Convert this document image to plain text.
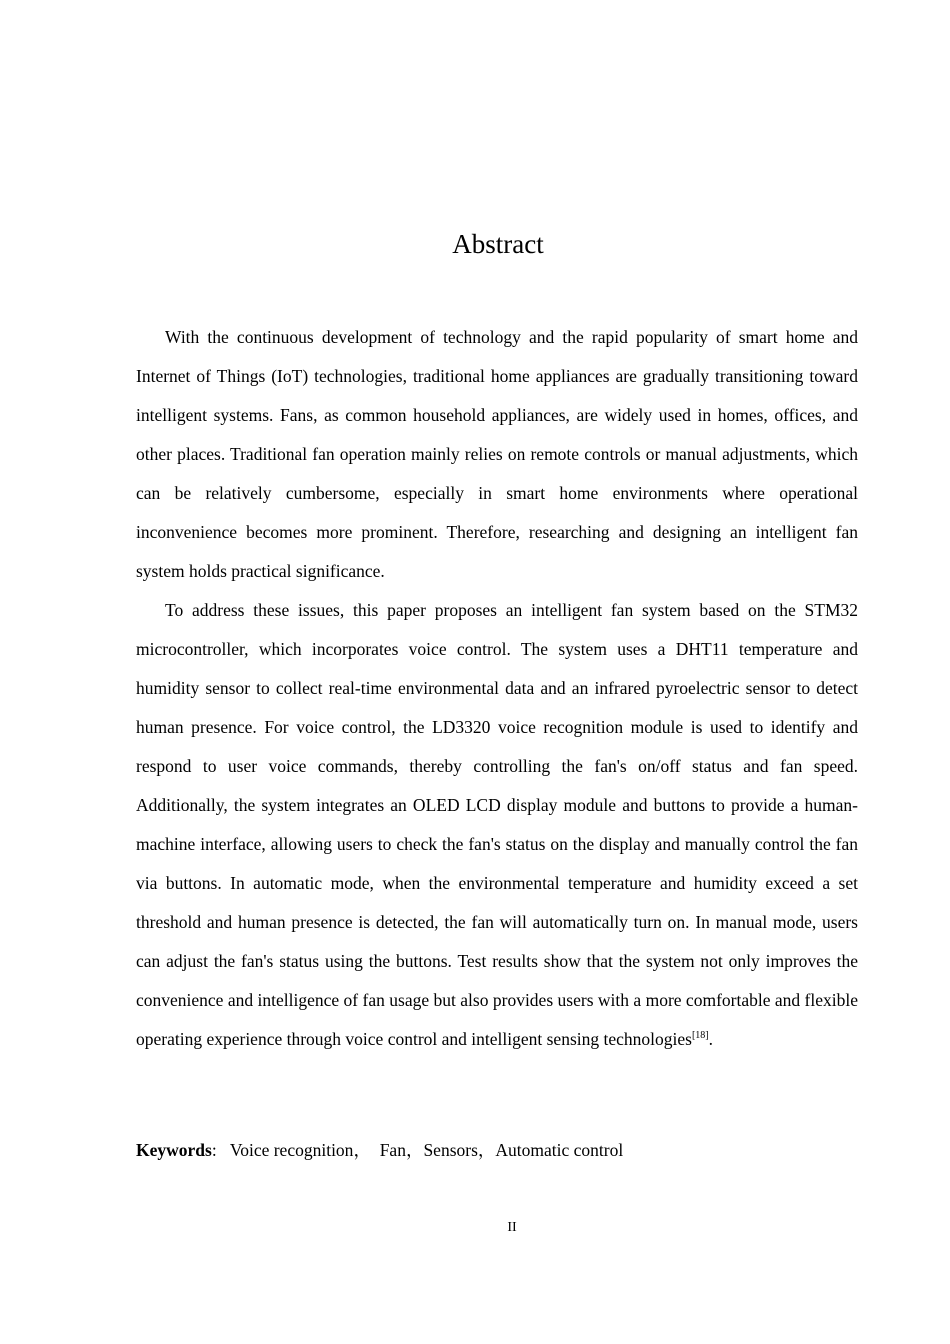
Abstract

With the continuous development of technology and the rapid popularity of smart home and Internet of Things (IoT) technologies, traditional home appliances are gradually transitioning toward intelligent systems. Fans, as common household appliances, are widely used in homes, offices, and other places. Traditional fan operation mainly relies on remote controls or manual adjustments, which can be relatively cumbersome, especially in smart home environments where operational inconvenience becomes more prominent. Therefore, researching and designing an intelligent fan system holds practical significance.

To address these issues, this paper proposes an intelligent fan system based on the STM32 microcontroller, which incorporates voice control. The system uses a DHT11 temperature and humidity sensor to collect real-time environmental data and an infrared pyroelectric sensor to detect human presence. For voice control, the LD3320 voice recognition module is used to identify and respond to user voice commands, thereby controlling the fan's on/off status and fan speed. Additionally, the system integrates an OLED LCD display module and buttons to provide a human-machine interface, allowing users to check the fan's status on the display and manually control the fan via buttons. In automatic mode, when the environmental temperature and humidity exceed a set threshold and human presence is detected, the fan will automatically turn on. In manual mode, users can adjust the fan's status using the buttons. Test results show that the system not only improves the convenience and intelligence of fan usage but also provides users with a more comfortable and flexible operating experience through voice control and intelligent sensing technologies[18].

Keywords: Voice recognition，  Fan，Sensors，Automatic control
II
